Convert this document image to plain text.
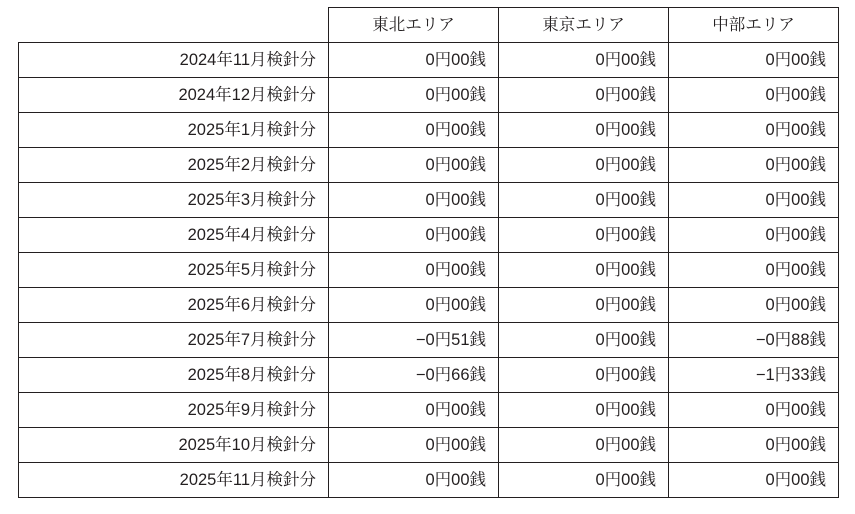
	東北エリア	東京エリア	中部エリア
2024年11月検針分	0円00銭	0円00銭	0円00銭
2024年12月検針分	0円00銭	0円00銭	0円00銭
2025年1月検針分	0円00銭	0円00銭	0円00銭
2025年2月検針分	0円00銭	0円00銭	0円00銭
2025年3月検針分	0円00銭	0円00銭	0円00銭
2025年4月検針分	0円00銭	0円00銭	0円00銭
2025年5月検針分	0円00銭	0円00銭	0円00銭
2025年6月検針分	0円00銭	0円00銭	0円00銭
2025年7月検針分	−0円51銭	0円00銭	−0円88銭
2025年8月検針分	−0円66銭	0円00銭	−1円33銭
2025年9月検針分	0円00銭	0円00銭	0円00銭
2025年10月検針分	0円00銭	0円00銭	0円00銭
2025年11月検針分	0円00銭	0円00銭	0円00銭
